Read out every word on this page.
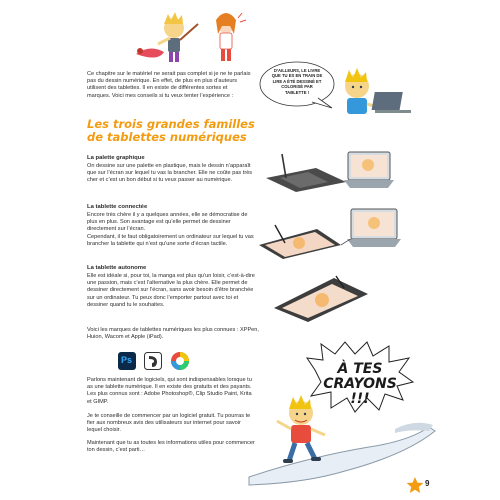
Ce chapitre sur le matériel ne serait pas complet si je ne te parlais pas du dessin numérique. En effet, de plus en plus d’auteurs utilisent des tablettes. Il en existe de différentes sortes et marques. Voici mes conseils si tu veux tenter l’expérience :

D’AILLEURS, LE LIVRE QUE TU ES EN TRAIN DE LIRE A ÉTÉ DESSINÉ ET COLORISÉ PAR TABLETTE !
Les trois grandes familles
de tablettes numériques

La palette graphique

On dessine sur une palette en plastique, mais le dessin n’apparaît que sur l’écran sur lequel tu vas la brancher. Elle ne coûte pas très cher et c’est un bon début si tu veux passer au numérique.

La tablette connectée

Encore très chère il y a quelques années, elle se démocratise de plus en plus. Son avantage est qu’elle permet de dessiner directement sur l’écran.

Cependant, il te faut obligatoirement un ordinateur sur lequel tu vas brancher la tablette qui n’est qu’une sorte d’écran tactile.

La tablette autonome

Elle est idéale si, pour toi, la manga est plus qu’un loisir, c’est-à-dire une passion, mais c’est l’alternative la plus chère. Elle permet de dessiner directement sur l’écran, sans avoir besoin d’être branchée sur un ordinateur. Tu peux donc l’emporter partout avec toi et dessiner quand tu le souhaites.

Voici les marques de tablettes numériques les plus connues : XPPen, Huion, Wacom et Apple (iPad).

Ps

Parlons maintenant de logiciels, qui sont indispensables lorsque tu as une tablette numérique. Il en existe des gratuits et des payants. Les plus connus sont : Adobe Photoshop®, Clip Studio Paint, Krita et GIMP.

Je te conseille de commencer par un logiciel gratuit. Tu pourras te fier aux nombreux avis des utilisateurs sur internet pour savoir lequel choisir.

Maintenant que tu as toutes les informations utiles pour commencer ton dessin, c’est parti…

À TES CRAYONS !!!
9
